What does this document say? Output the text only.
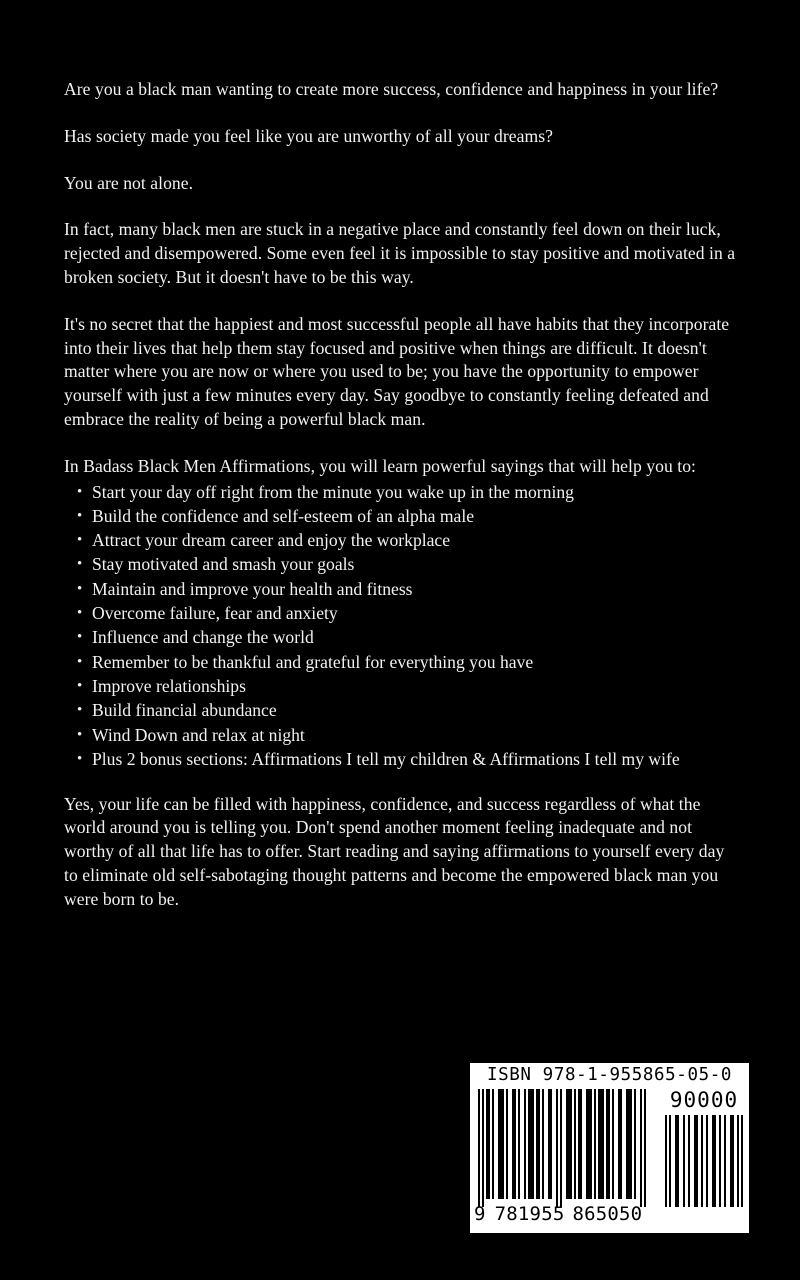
Are you a black man wanting to create more success, confidence and happiness in your life?

Has society made you feel like you are unworthy of all your dreams?

You are not alone.

In fact, many black men are stuck in a negative place and constantly feel down on their luck, rejected and disempowered. Some even feel it is impossible to stay positive and motivated in a broken society. But it doesn't have to be this way.

It's no secret that the happiest and most successful people all have habits that they incorporate into their lives that help them stay focused and positive when things are difficult. It doesn't matter where you are now or where you used to be; you have the opportunity to empower yourself with just a few minutes every day. Say goodbye to constantly feeling defeated and embrace the reality of being a powerful black man.

In Badass Black Men Affirmations, you will learn powerful sayings that will help you to:

• Start your day off right from the minute you wake up in the morning
• Build the confidence and self-esteem of an alpha male
• Attract your dream career and enjoy the workplace
• Stay motivated and smash your goals
• Maintain and improve your health and fitness
• Overcome failure, fear and anxiety
• Influence and change the world
• Remember to be thankful and grateful for everything you have
• Improve relationships
• Build financial abundance
• Wind Down and relax at night
• Plus 2 bonus sections: Affirmations I tell my children & Affirmations I tell my wife

Yes, your life can be filled with happiness, confidence, and success regardless of what the world around you is telling you. Don't spend another moment feeling inadequate and not worthy of all that life has to offer. Start reading and saying affirmations to yourself every day to eliminate old self-sabotaging thought patterns and become the empowered black man you were born to be.

ISBN 978-1-955865-05-0
90000
9 781955 865050
